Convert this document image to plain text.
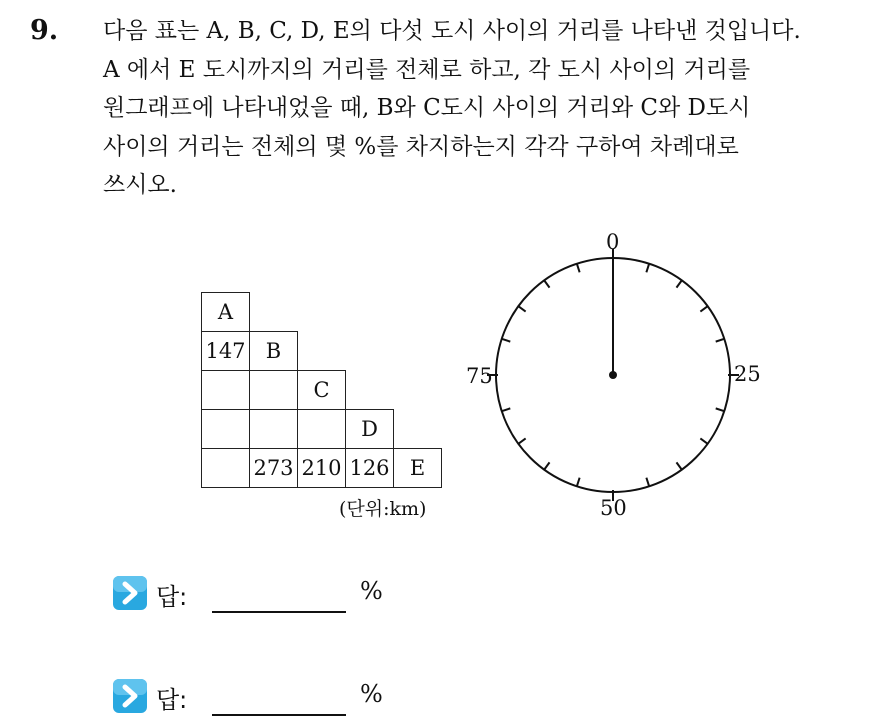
9. 다음 표는 A, B, C, D, E의 다섯 도시 사이의 거리를 나타낸 것입니다.
A 에서 E 도시까지의 거리를 전체로 하고, 각 도시 사이의 거리를
원그래프에 나타내었을 때, B와 C도시 사이의 거리와 C와 D도시
사이의 거리는 전체의 몇 %를 차지하는지 각각 구하여 차례대로
쓰시오.
A
147 B
C
D
273 210 126 E
(단위:km)
0
25
50
75
답:	%
답:	%
